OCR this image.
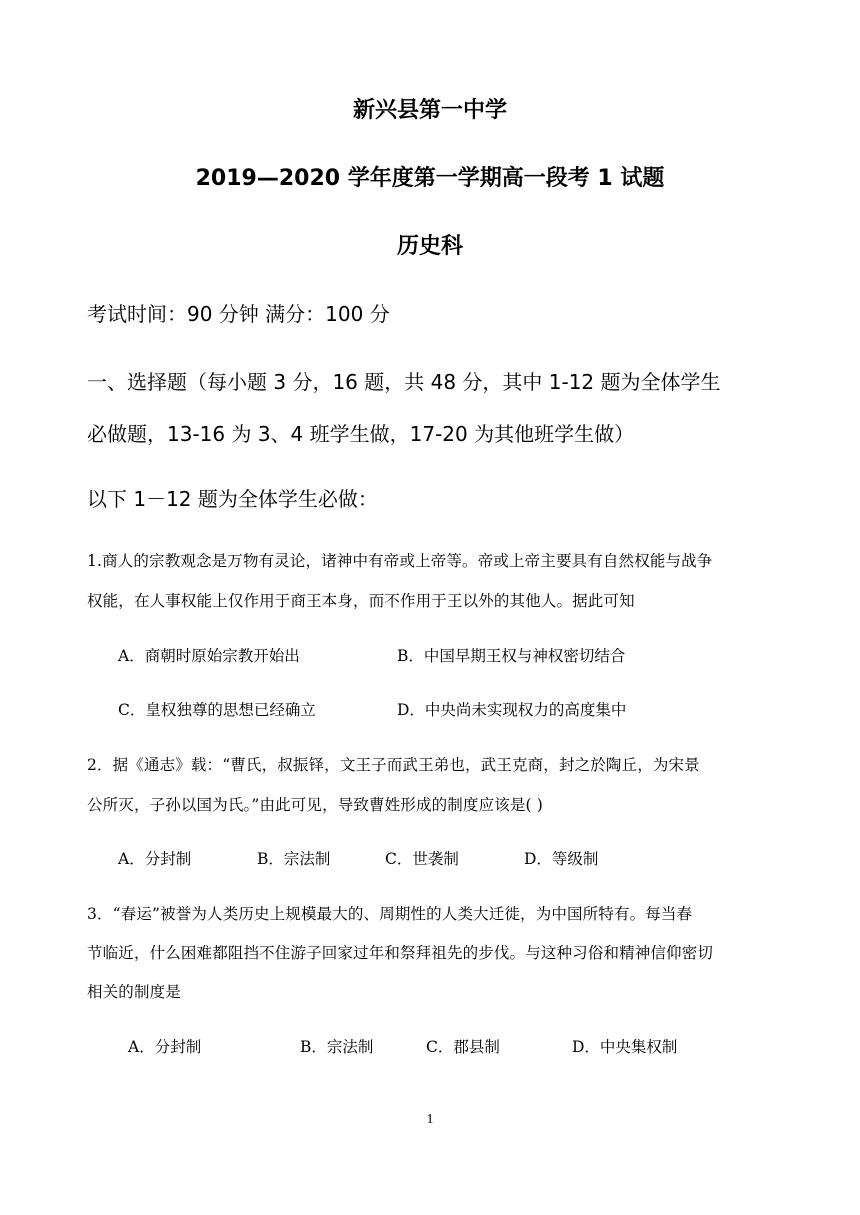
新兴县第一中学
2019—2020 学年度第一学期高一段考 1 试题
历史科
考试时间：90 分钟 满分：100 分
一、选择题（每小题 3 分，16 题，共 48 分，其中 1-12 题为全体学生
必做题，13-16 为 3、4 班学生做，17-20 为其他班学生做）
以下 1－12 题为全体学生必做：
1.商人的宗教观念是万物有灵论，诸神中有帝或上帝等。帝或上帝主要具有自然权能与战争
权能，在人事权能上仅作用于商王本身，而不作用于王以外的其他人。据此可知
A．商朝时原始宗教开始出	B．中国早期王权与神权密切结合
C．皇权独尊的思想已经确立	D．中央尚未实现权力的高度集中
2．据《通志》载：“曹氏，叔振铎，文王子而武王弟也，武王克商，封之於陶丘，为宋景
公所灭，子孙以国为氏。”由此可见，导致曹姓形成的制度应该是( )
A．分封制	B．宗法制	C．世袭制	D．等级制
3．“春运”被誉为人类历史上规模最大的、周期性的人类大迁徙，为中国所特有。每当春
节临近，什么困难都阻挡不住游子回家过年和祭拜祖先的步伐。与这种习俗和精神信仰密切
相关的制度是
A．分封制	B．宗法制	C．郡县制	D．中央集权制
1
